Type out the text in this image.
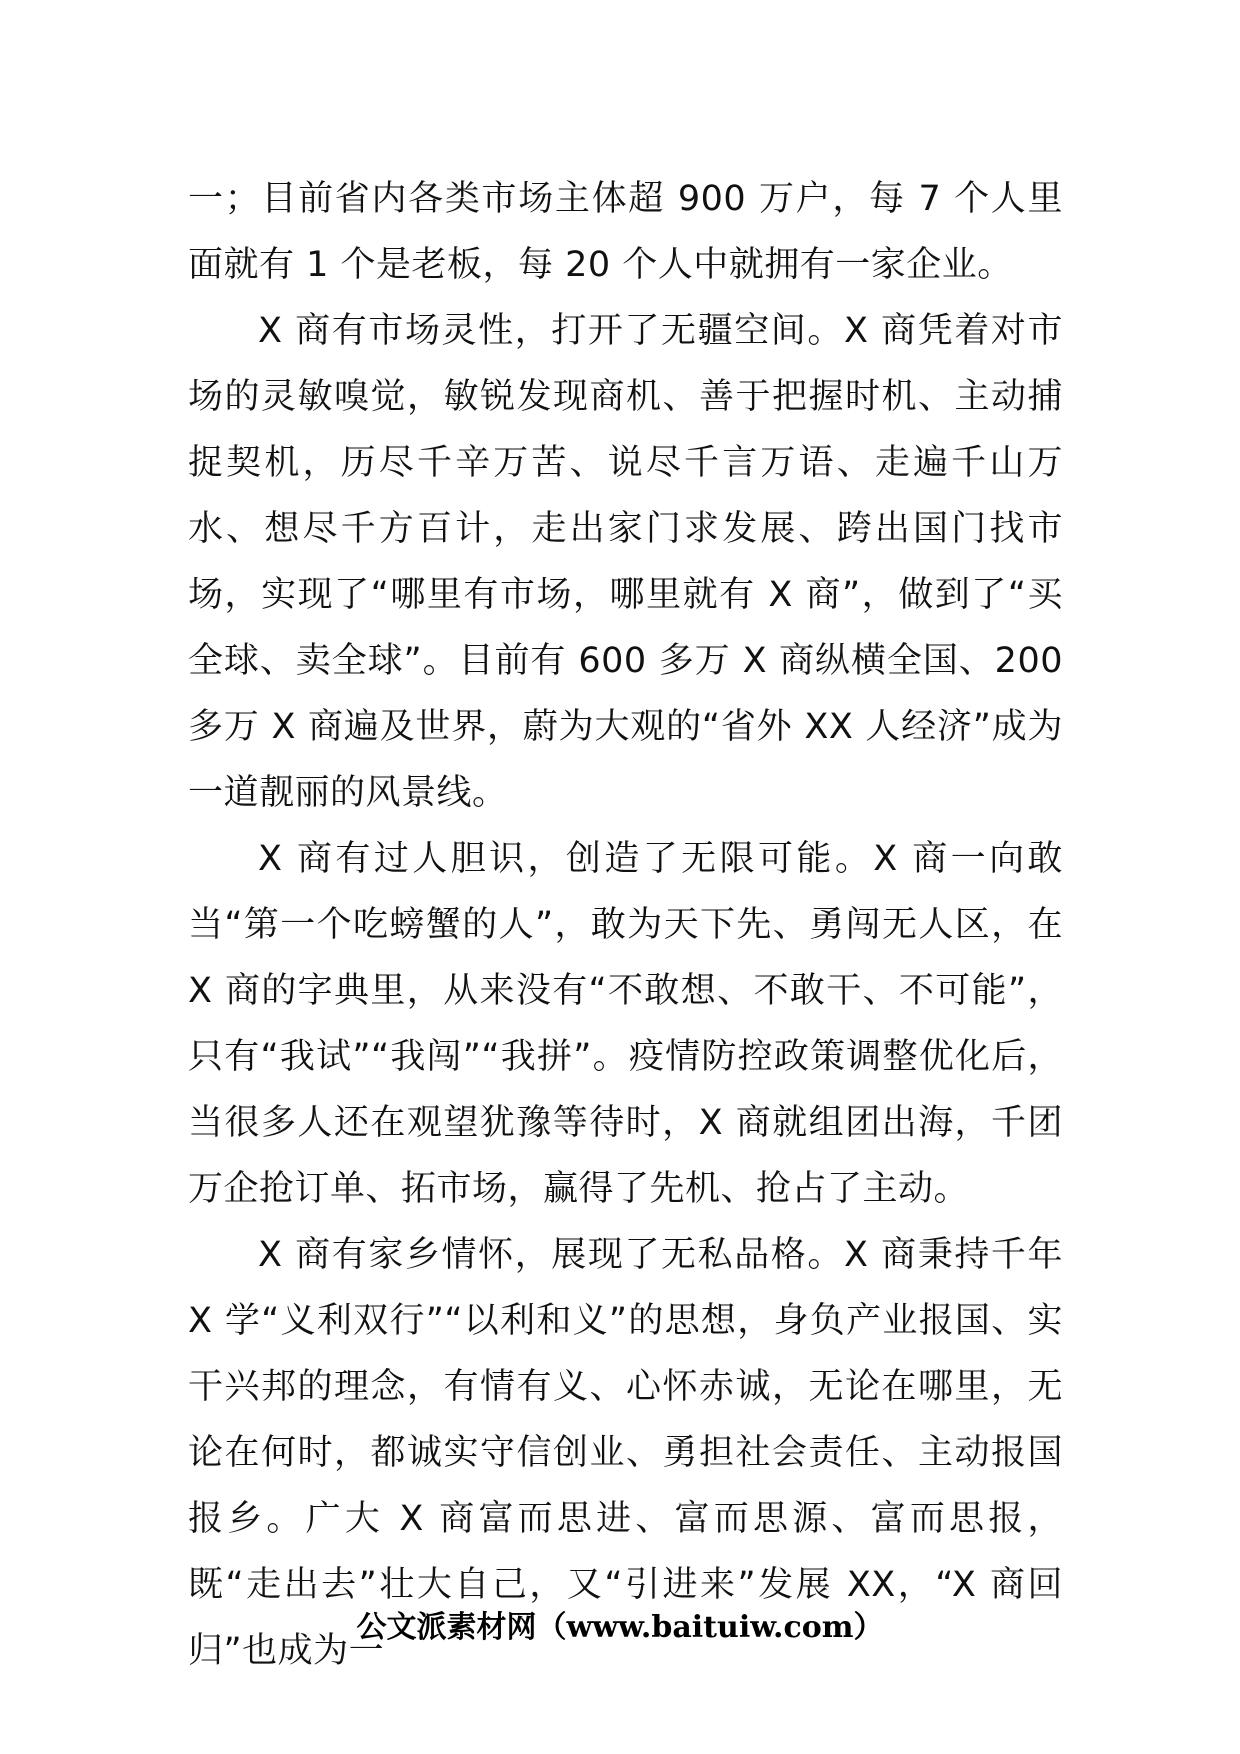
一；目前省内各类市场主体超 900 万户，每 7 个人里面就有 1 个是老板，每 20 个人中就拥有一家企业。

X 商有市场灵性，打开了无疆空间。X 商凭着对市场的灵敏嗅觉，敏锐发现商机、善于把握时机、主动捕捉契机，历尽千辛万苦、说尽千言万语、走遍千山万水、想尽千方百计，走出家门求发展、跨出国门找市场，实现了“哪里有市场，哪里就有 X 商”，做到了“买全球、卖全球”。目前有 600 多万 X 商纵横全国、200 多万 X 商遍及世界，蔚为大观的“省外 XX 人经济”成为一道靓丽的风景线。

X 商有过人胆识，创造了无限可能。X 商一向敢当“第一个吃螃蟹的人”，敢为天下先、勇闯无人区，在 X 商的字典里，从来没有“不敢想、不敢干、不可能”，只有“我试”“我闯”“我拼”。疫情防控政策调整优化后，当很多人还在观望犹豫等待时，X 商就组团出海，千团万企抢订单、拓市场，赢得了先机、抢占了主动。

X 商有家乡情怀，展现了无私品格。X 商秉持千年 X 学“义利双行”“以利和义”的思想，身负产业报国、实干兴邦的理念，有情有义、心怀赤诚，无论在哪里，无论在何时，都诚实守信创业、勇担社会责任、主动报国报乡。广大 X 商富而思进、富而思源、富而思报，既“走出去”壮大自己，又“引进来”发展 XX，“X 商回归”也成为一

公文派素材网（www.baituiw.com）
